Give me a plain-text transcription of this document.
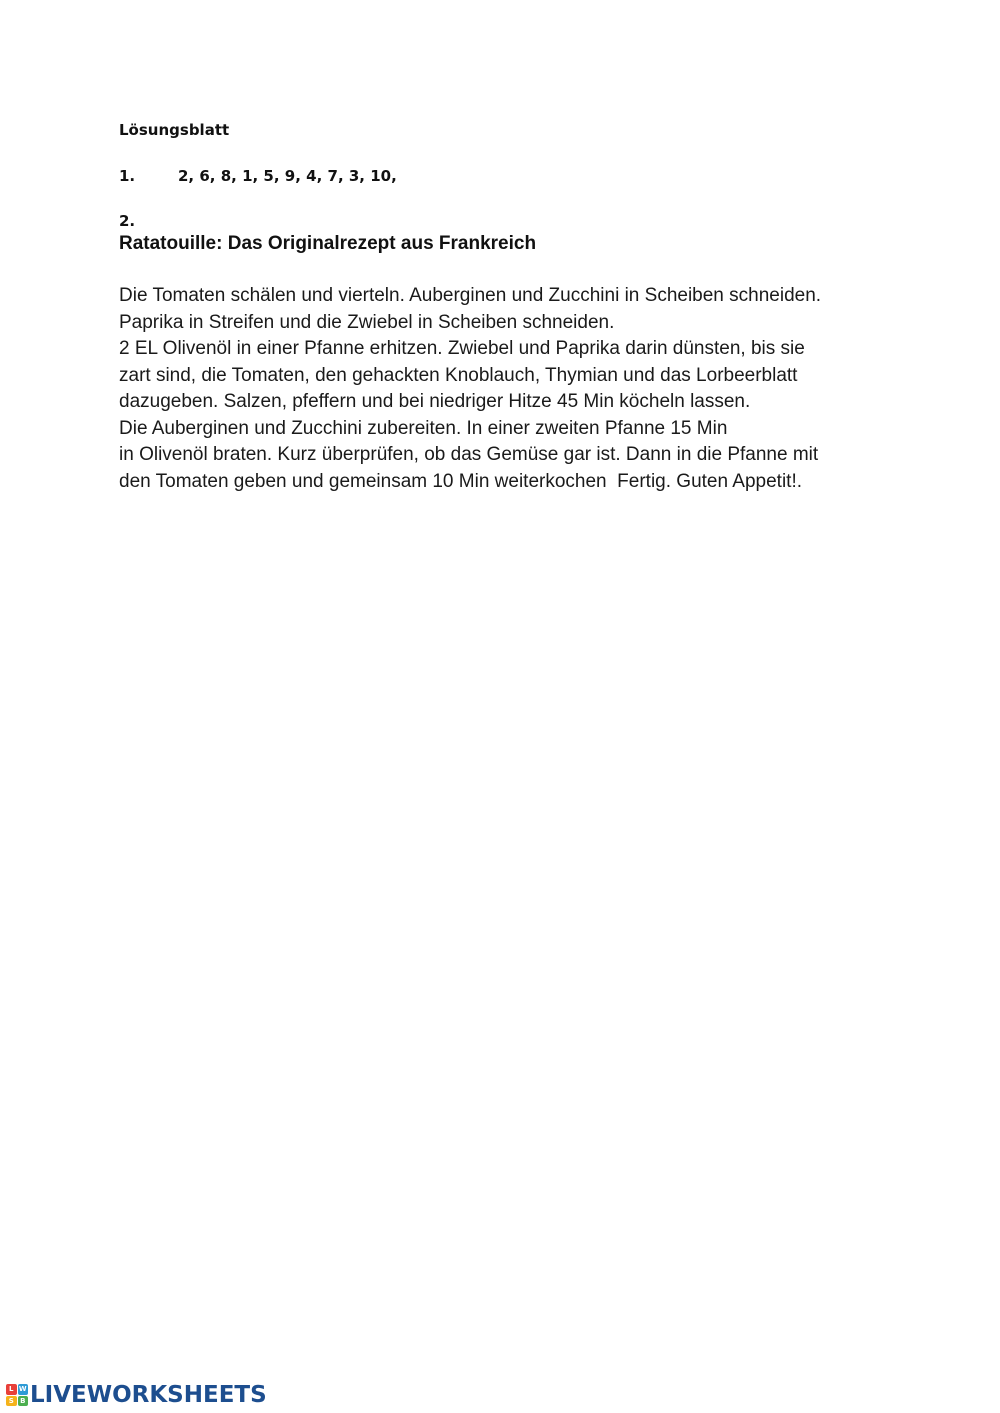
Lösungsblatt
1.	2, 6, 8, 1, 5, 9, 4, 7, 3, 10,
2.
Ratatouille: Das Originalrezept aus Frankreich
Die Tomaten schälen und vierteln. Auberginen und Zucchini in Scheiben schneiden.
Paprika in Streifen und die Zwiebel in Scheiben schneiden.
2 EL Olivenöl in einer Pfanne erhitzen. Zwiebel und Paprika darin dünsten, bis sie
zart sind, die Tomaten, den gehackten Knoblauch, Thymian und das Lorbeerblatt
dazugeben. Salzen, pfeffern und bei niedriger Hitze 45 Min köcheln lassen.
Die Auberginen und Zucchini zubereiten. In einer zweiten Pfanne 15 Min
in Olivenöl braten. Kurz überprüfen, ob das Gemüse gar ist. Dann in die Pfanne mit
den Tomaten geben und gemeinsam 10 Min weiterkochen  Fertig. Guten Appetit!.
L W
S B LIVEWORKSHEETS
